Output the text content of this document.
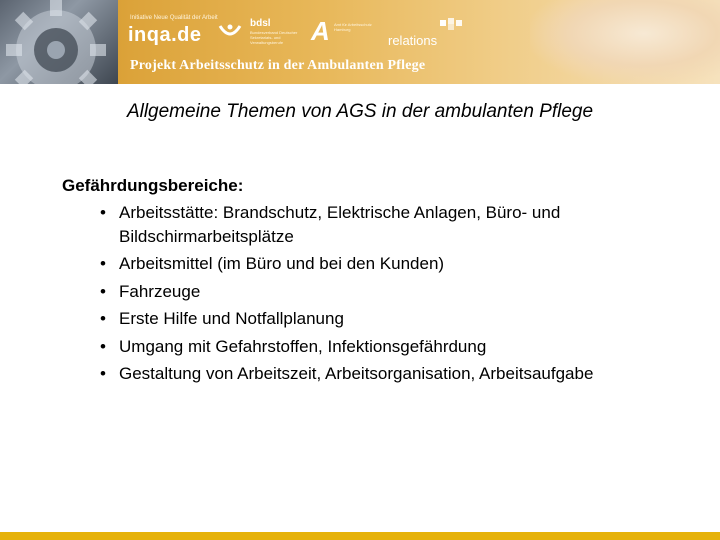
Initiative Neue Qualität der Arbeit
inqa.de
bdsl
Bundesverband Deutscher Sekretariats- und Verwaltungsberufe	A Amt für Arbeitsschutz Hamburg
relations
Projekt Arbeitsschutz in der Ambulanten Pflege
Allgemeine Themen von AGS in der ambulanten Pflege
Gefährdungsbereiche:
• Arbeitsstätte: Brandschutz, Elektrische Anlagen, Büro- und Bildschirmarbeitsplätze
• Arbeitsmittel (im Büro und bei den Kunden)
• Fahrzeuge
• Erste Hilfe und Notfallplanung
• Umgang mit Gefahrstoffen, Infektionsgefährdung
• Gestaltung von Arbeitszeit, Arbeitsorganisation, Arbeitsaufgabe
